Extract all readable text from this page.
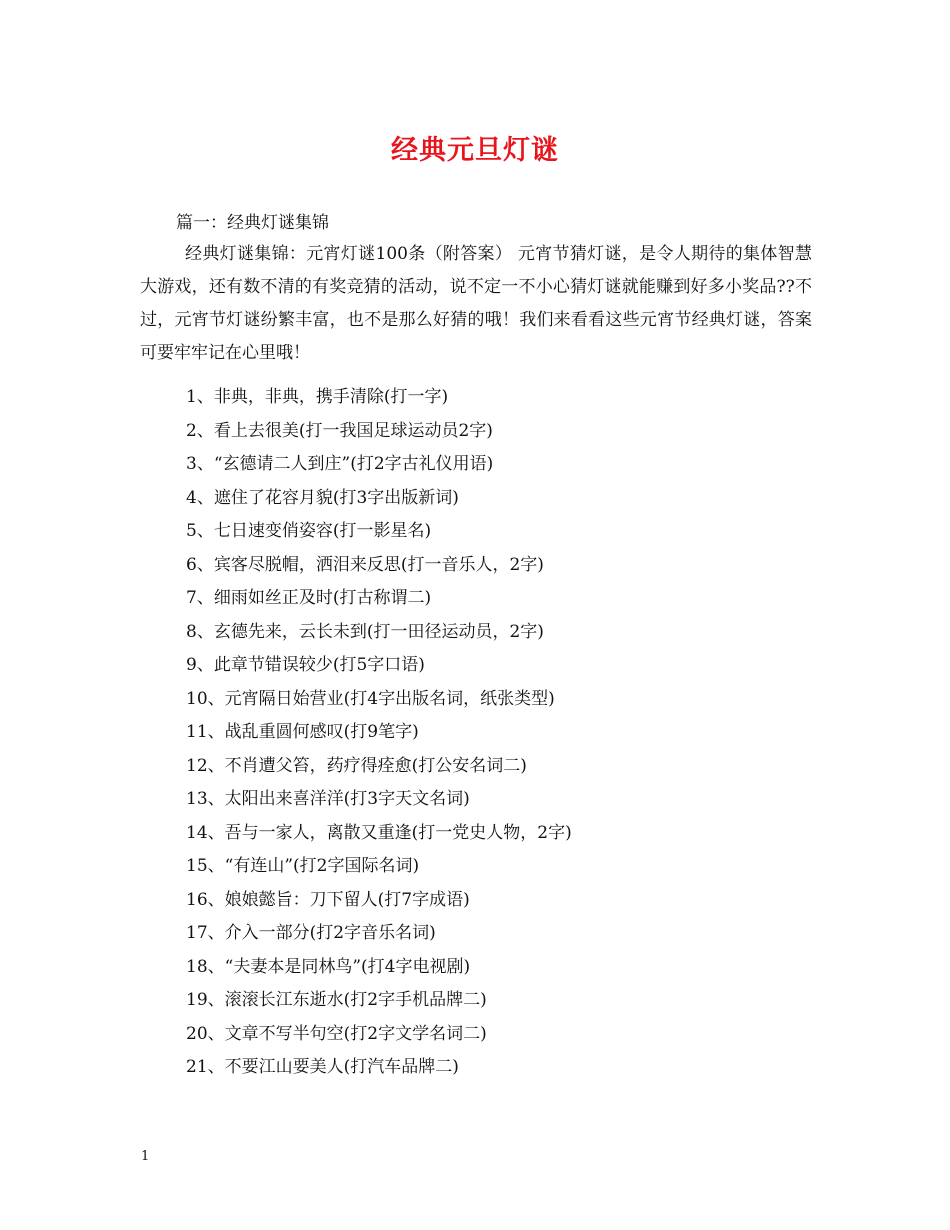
经典元旦灯谜
篇一：经典灯谜集锦

经典灯谜集锦：元宵灯谜100条（附答案） 元宵节猜灯谜，是令人期待的集体智慧大游戏，还有数不清的有奖竞猜的活动，说不定一不小心猜灯谜就能赚到好多小奖品??不过，元宵节灯谜纷繁丰富，也不是那么好猜的哦！我们来看看这些元宵节经典灯谜，答案可要牢牢记在心里哦！

1、非典，非典，携手清除(打一字)
2、看上去很美(打一我国足球运动员2字)
3、“玄德请二人到庄”(打2字古礼仪用语)
4、遮住了花容月貌(打3字出版新词)
5、七日速变俏姿容(打一影星名)
6、宾客尽脱帽，洒泪来反思(打一音乐人，2字)
7、细雨如丝正及时(打古称谓二)
8、玄德先来，云长未到(打一田径运动员，2字)
9、此章节错误较少(打5字口语)
10、元宵隔日始营业(打4字出版名词，纸张类型)
11、战乱重圆何感叹(打9笔字)
12、不肖遭父笞，药疗得痊愈(打公安名词二)
13、太阳出来喜洋洋(打3字天文名词)
14、吾与一家人，离散又重逢(打一党史人物，2字)
15、“有连山”(打2字国际名词)
16、娘娘懿旨：刀下留人(打7字成语)
17、介入一部分(打2字音乐名词)
18、“夫妻本是同林鸟”(打4字电视剧)
19、滚滚长江东逝水(打2字手机品牌二)
20、文章不写半句空(打2字文学名词二)
21、不要江山要美人(打汽车品牌二)
1
